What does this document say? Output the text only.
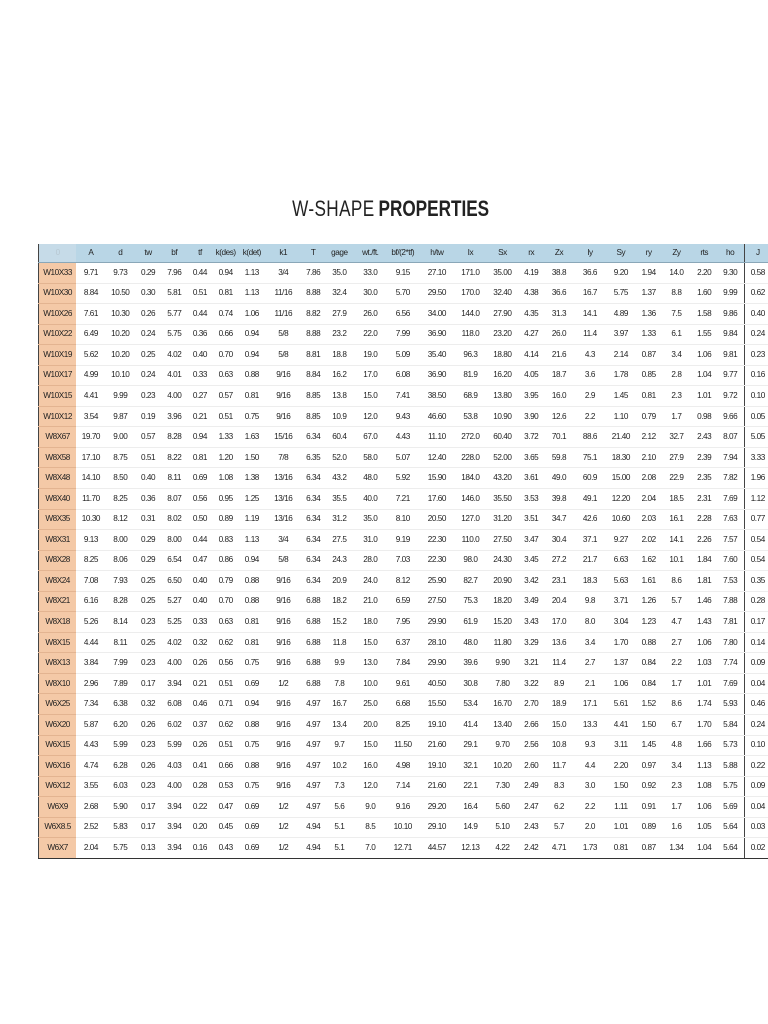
W-SHAPE PROPERTIES
0	A	d	tw	bf	tf	k(des)	k(det)	k1	T	gage	wt./ft.	bf/(2*tf)	h/tw	Ix	Sx	rx	Zx	Iy	Sy	ry	Zy	rts	ho	J
W10X33	9.71	9.73	0.29	7.96	0.44	0.94	1.13	3/4	7.86	35.0	33.0	9.15	27.10	171.0	35.00	4.19	38.8	36.6	9.20	1.94	14.0	2.20	9.30	0.58
W10X30	8.84	10.50	0.30	5.81	0.51	0.81	1.13	11/16	8.88	32.4	30.0	5.70	29.50	170.0	32.40	4.38	36.6	16.7	5.75	1.37	8.8	1.60	9.99	0.62
W10X26	7.61	10.30	0.26	5.77	0.44	0.74	1.06	11/16	8.82	27.9	26.0	6.56	34.00	144.0	27.90	4.35	31.3	14.1	4.89	1.36	7.5	1.58	9.86	0.40
W10X22	6.49	10.20	0.24	5.75	0.36	0.66	0.94	5/8	8.88	23.2	22.0	7.99	36.90	118.0	23.20	4.27	26.0	11.4	3.97	1.33	6.1	1.55	9.84	0.24
W10X19	5.62	10.20	0.25	4.02	0.40	0.70	0.94	5/8	8.81	18.8	19.0	5.09	35.40	96.3	18.80	4.14	21.6	4.3	2.14	0.87	3.4	1.06	9.81	0.23
W10X17	4.99	10.10	0.24	4.01	0.33	0.63	0.88	9/16	8.84	16.2	17.0	6.08	36.90	81.9	16.20	4.05	18.7	3.6	1.78	0.85	2.8	1.04	9.77	0.16
W10X15	4.41	9.99	0.23	4.00	0.27	0.57	0.81	9/16	8.85	13.8	15.0	7.41	38.50	68.9	13.80	3.95	16.0	2.9	1.45	0.81	2.3	1.01	9.72	0.10
W10X12	3.54	9.87	0.19	3.96	0.21	0.51	0.75	9/16	8.85	10.9	12.0	9.43	46.60	53.8	10.90	3.90	12.6	2.2	1.10	0.79	1.7	0.98	9.66	0.05
W8X67	19.70	9.00	0.57	8.28	0.94	1.33	1.63	15/16	6.34	60.4	67.0	4.43	11.10	272.0	60.40	3.72	70.1	88.6	21.40	2.12	32.7	2.43	8.07	5.05
W8X58	17.10	8.75	0.51	8.22	0.81	1.20	1.50	7/8	6.35	52.0	58.0	5.07	12.40	228.0	52.00	3.65	59.8	75.1	18.30	2.10	27.9	2.39	7.94	3.33
W8X48	14.10	8.50	0.40	8.11	0.69	1.08	1.38	13/16	6.34	43.2	48.0	5.92	15.90	184.0	43.20	3.61	49.0	60.9	15.00	2.08	22.9	2.35	7.82	1.96
W8X40	11.70	8.25	0.36	8.07	0.56	0.95	1.25	13/16	6.34	35.5	40.0	7.21	17.60	146.0	35.50	3.53	39.8	49.1	12.20	2.04	18.5	2.31	7.69	1.12
W8X35	10.30	8.12	0.31	8.02	0.50	0.89	1.19	13/16	6.34	31.2	35.0	8.10	20.50	127.0	31.20	3.51	34.7	42.6	10.60	2.03	16.1	2.28	7.63	0.77
W8X31	9.13	8.00	0.29	8.00	0.44	0.83	1.13	3/4	6.34	27.5	31.0	9.19	22.30	110.0	27.50	3.47	30.4	37.1	9.27	2.02	14.1	2.26	7.57	0.54
W8X28	8.25	8.06	0.29	6.54	0.47	0.86	0.94	5/8	6.34	24.3	28.0	7.03	22.30	98.0	24.30	3.45	27.2	21.7	6.63	1.62	10.1	1.84	7.60	0.54
W8X24	7.08	7.93	0.25	6.50	0.40	0.79	0.88	9/16	6.34	20.9	24.0	8.12	25.90	82.7	20.90	3.42	23.1	18.3	5.63	1.61	8.6	1.81	7.53	0.35
W8X21	6.16	8.28	0.25	5.27	0.40	0.70	0.88	9/16	6.88	18.2	21.0	6.59	27.50	75.3	18.20	3.49	20.4	9.8	3.71	1.26	5.7	1.46	7.88	0.28
W8X18	5.26	8.14	0.23	5.25	0.33	0.63	0.81	9/16	6.88	15.2	18.0	7.95	29.90	61.9	15.20	3.43	17.0	8.0	3.04	1.23	4.7	1.43	7.81	0.17
W8X15	4.44	8.11	0.25	4.02	0.32	0.62	0.81	9/16	6.88	11.8	15.0	6.37	28.10	48.0	11.80	3.29	13.6	3.4	1.70	0.88	2.7	1.06	7.80	0.14
W8X13	3.84	7.99	0.23	4.00	0.26	0.56	0.75	9/16	6.88	9.9	13.0	7.84	29.90	39.6	9.90	3.21	11.4	2.7	1.37	0.84	2.2	1.03	7.74	0.09
W8X10	2.96	7.89	0.17	3.94	0.21	0.51	0.69	1/2	6.88	7.8	10.0	9.61	40.50	30.8	7.80	3.22	8.9	2.1	1.06	0.84	1.7	1.01	7.69	0.04
W6X25	7.34	6.38	0.32	6.08	0.46	0.71	0.94	9/16	4.97	16.7	25.0	6.68	15.50	53.4	16.70	2.70	18.9	17.1	5.61	1.52	8.6	1.74	5.93	0.46
W6X20	5.87	6.20	0.26	6.02	0.37	0.62	0.88	9/16	4.97	13.4	20.0	8.25	19.10	41.4	13.40	2.66	15.0	13.3	4.41	1.50	6.7	1.70	5.84	0.24
W6X15	4.43	5.99	0.23	5.99	0.26	0.51	0.75	9/16	4.97	9.7	15.0	11.50	21.60	29.1	9.70	2.56	10.8	9.3	3.11	1.45	4.8	1.66	5.73	0.10
W6X16	4.74	6.28	0.26	4.03	0.41	0.66	0.88	9/16	4.97	10.2	16.0	4.98	19.10	32.1	10.20	2.60	11.7	4.4	2.20	0.97	3.4	1.13	5.88	0.22
W6X12	3.55	6.03	0.23	4.00	0.28	0.53	0.75	9/16	4.97	7.3	12.0	7.14	21.60	22.1	7.30	2.49	8.3	3.0	1.50	0.92	2.3	1.08	5.75	0.09
W6X9	2.68	5.90	0.17	3.94	0.22	0.47	0.69	1/2	4.97	5.6	9.0	9.16	29.20	16.4	5.60	2.47	6.2	2.2	1.11	0.91	1.7	1.06	5.69	0.04
W6X8.5	2.52	5.83	0.17	3.94	0.20	0.45	0.69	1/2	4.94	5.1	8.5	10.10	29.10	14.9	5.10	2.43	5.7	2.0	1.01	0.89	1.6	1.05	5.64	0.03
W6X7	2.04	5.75	0.13	3.94	0.16	0.43	0.69	1/2	4.94	5.1	7.0	12.71	44.57	12.13	4.22	2.42	4.71	1.73	0.81	0.87	1.34	1.04	5.64	0.02
